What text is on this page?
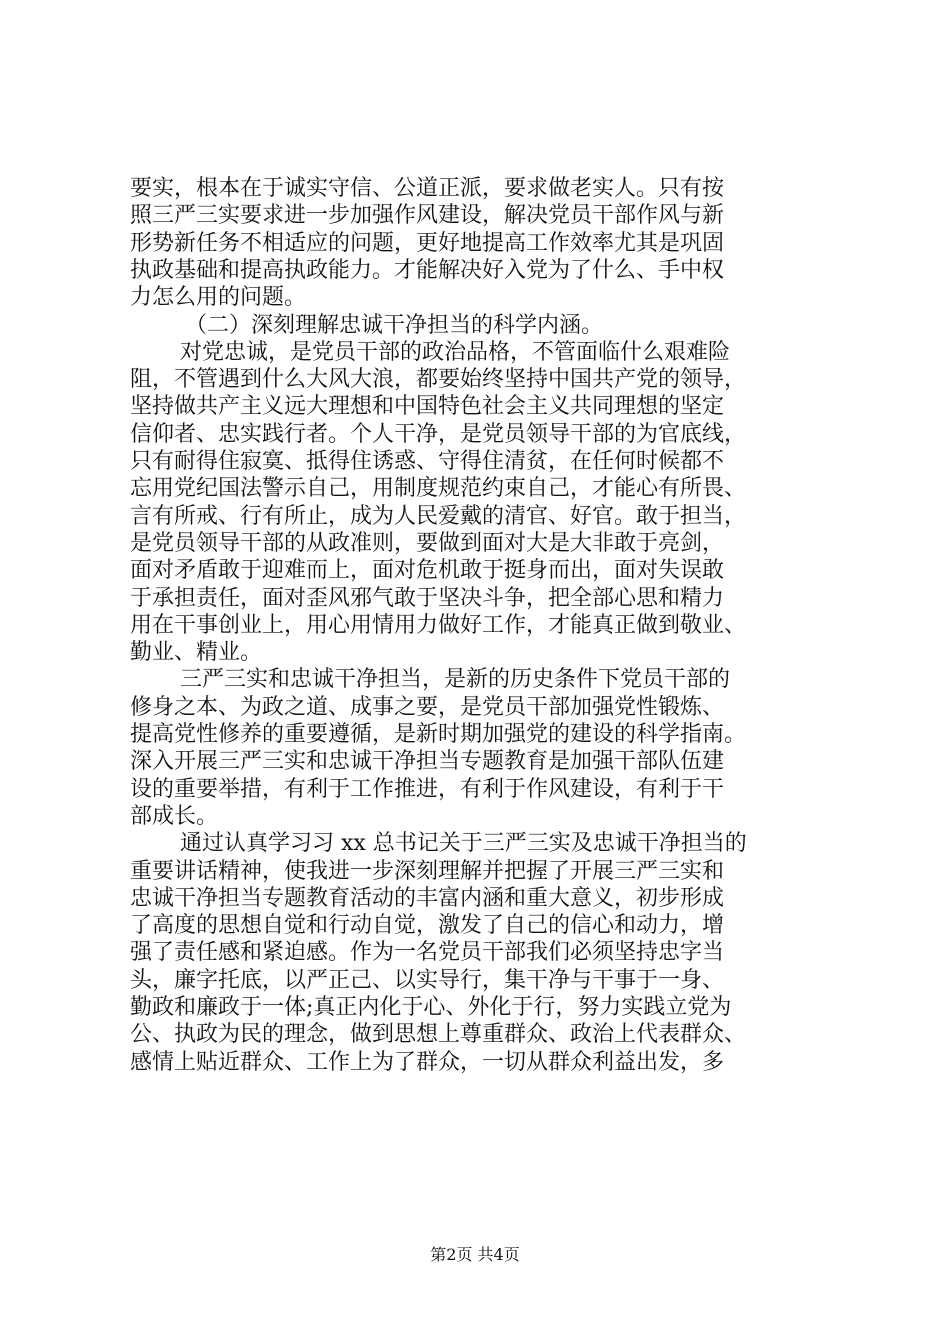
要实，根本在于诚实守信、公道正派，要求做老实人。只有按
照三严三实要求进一步加强作风建设，解决党员干部作风与新
形势新任务不相适应的问题，更好地提高工作效率尤其是巩固
执政基础和提高执政能力。才能解决好入党为了什么、手中权
力怎么用的问题。
（二）深刻理解忠诚干净担当的科学内涵。
对党忠诚，是党员干部的政治品格，不管面临什么艰难险
阻，不管遇到什么大风大浪，都要始终坚持中国共产党的领导，
坚持做共产主义远大理想和中国特色社会主义共同理想的坚定
信仰者、忠实践行者。个人干净，是党员领导干部的为官底线，
只有耐得住寂寞、抵得住诱惑、守得住清贫，在任何时候都不
忘用党纪国法警示自己，用制度规范约束自己，才能心有所畏、
言有所戒、行有所止，成为人民爱戴的清官、好官。敢于担当，
是党员领导干部的从政准则，要做到面对大是大非敢于亮剑，
面对矛盾敢于迎难而上，面对危机敢于挺身而出，面对失误敢
于承担责任，面对歪风邪气敢于坚决斗争，把全部心思和精力
用在干事创业上，用心用情用力做好工作，才能真正做到敬业、
勤业、精业。
三严三实和忠诚干净担当，是新的历史条件下党员干部的
修身之本、为政之道、成事之要，是党员干部加强党性锻炼、
提高党性修养的重要遵循，是新时期加强党的建设的科学指南。
深入开展三严三实和忠诚干净担当专题教育是加强干部队伍建
设的重要举措，有利于工作推进，有利于作风建设，有利于干
部成长。
通过认真学习习 xx 总书记关于三严三实及忠诚干净担当的
重要讲话精神，使我进一步深刻理解并把握了开展三严三实和
忠诚干净担当专题教育活动的丰富内涵和重大意义，初步形成
了高度的思想自觉和行动自觉，激发了自己的信心和动力，增
强了责任感和紧迫感。作为一名党员干部我们必须坚持忠字当
头，廉字托底，以严正己、以实导行，集干净与干事于一身、
勤政和廉政于一体;真正内化于心、外化于行，努力实践立党为
公、执政为民的理念，做到思想上尊重群众、政治上代表群众、
感情上贴近群众、工作上为了群众，一切从群众利益出发，多
第2页 共4页
